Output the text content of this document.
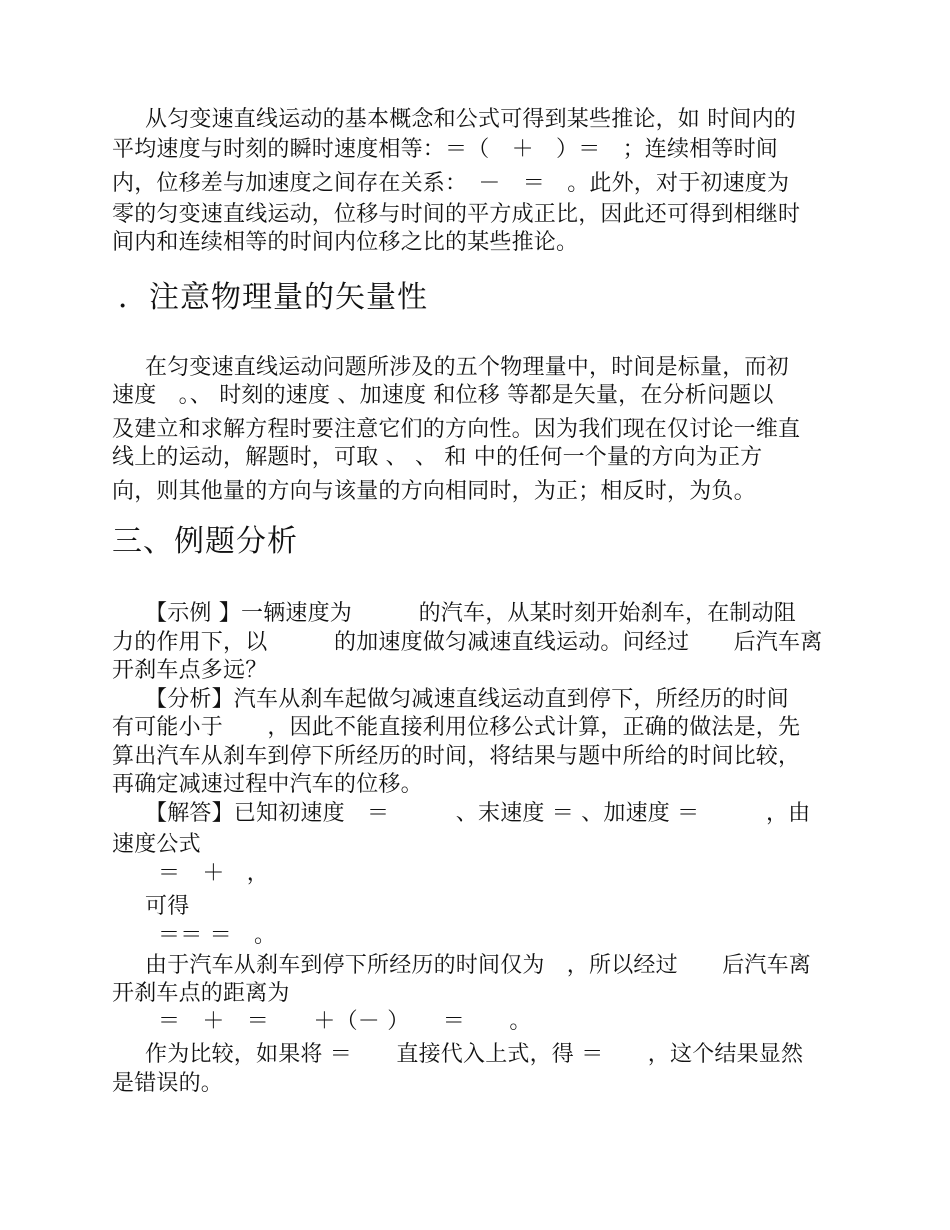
从匀变速直线运动的基本概念和公式可得到某些推论，如 时间内的
平均速度与时刻的瞬时速度相等：＝（　＋　）＝　；连续相等时间
内，位移差与加速度之间存在关系：　－　＝　。此外，对于初速度为
零的匀变速直线运动，位移与时间的平方成正比，因此还可得到相继时
间内和连续相等的时间内位移之比的某些推论。
．注意物理量的矢量性
在匀变速直线运动问题所涉及的五个物理量中，时间是标量，而初
速度　。、 时刻的速度 、加速度 和位移 等都是矢量，在分析问题以
及建立和求解方程时要注意它们的方向性。因为我们现在仅讨论一维直
线上的运动，解题时，可取 、 、 和 中的任何一个量的方向为正方
向，则其他量的方向与该量的方向相同时，为正；相反时，为负。
三、例题分析
【示例 】一辆速度为　　　的汽车，从某时刻开始刹车，在制动阻
力的作用下，以　　　的加速度做匀减速直线运动。问经过　　后汽车离
开刹车点多远？
【分析】汽车从刹车起做匀减速直线运动直到停下，所经历的时间
有可能小于　　，因此不能直接利用位移公式计算，正确的做法是，先
算出汽车从刹车到停下所经历的时间，将结果与题中所给的时间比较，
再确定减速过程中汽车的位移。
【解答】已知初速度　＝　　　、末速度 ＝ 、加速度 ＝　　　，由
速度公式
＝　＋　，
可得
＝＝ ＝　。
由于汽车从刹车到停下所经历的时间仅为　，所以经过　　后汽车离
开刹车点的距离为
＝　＋　＝　　＋（－ ）　　＝　　。
作为比较，如果将 ＝　　直接代入上式，得 ＝　　，这个结果显然
是错误的。
